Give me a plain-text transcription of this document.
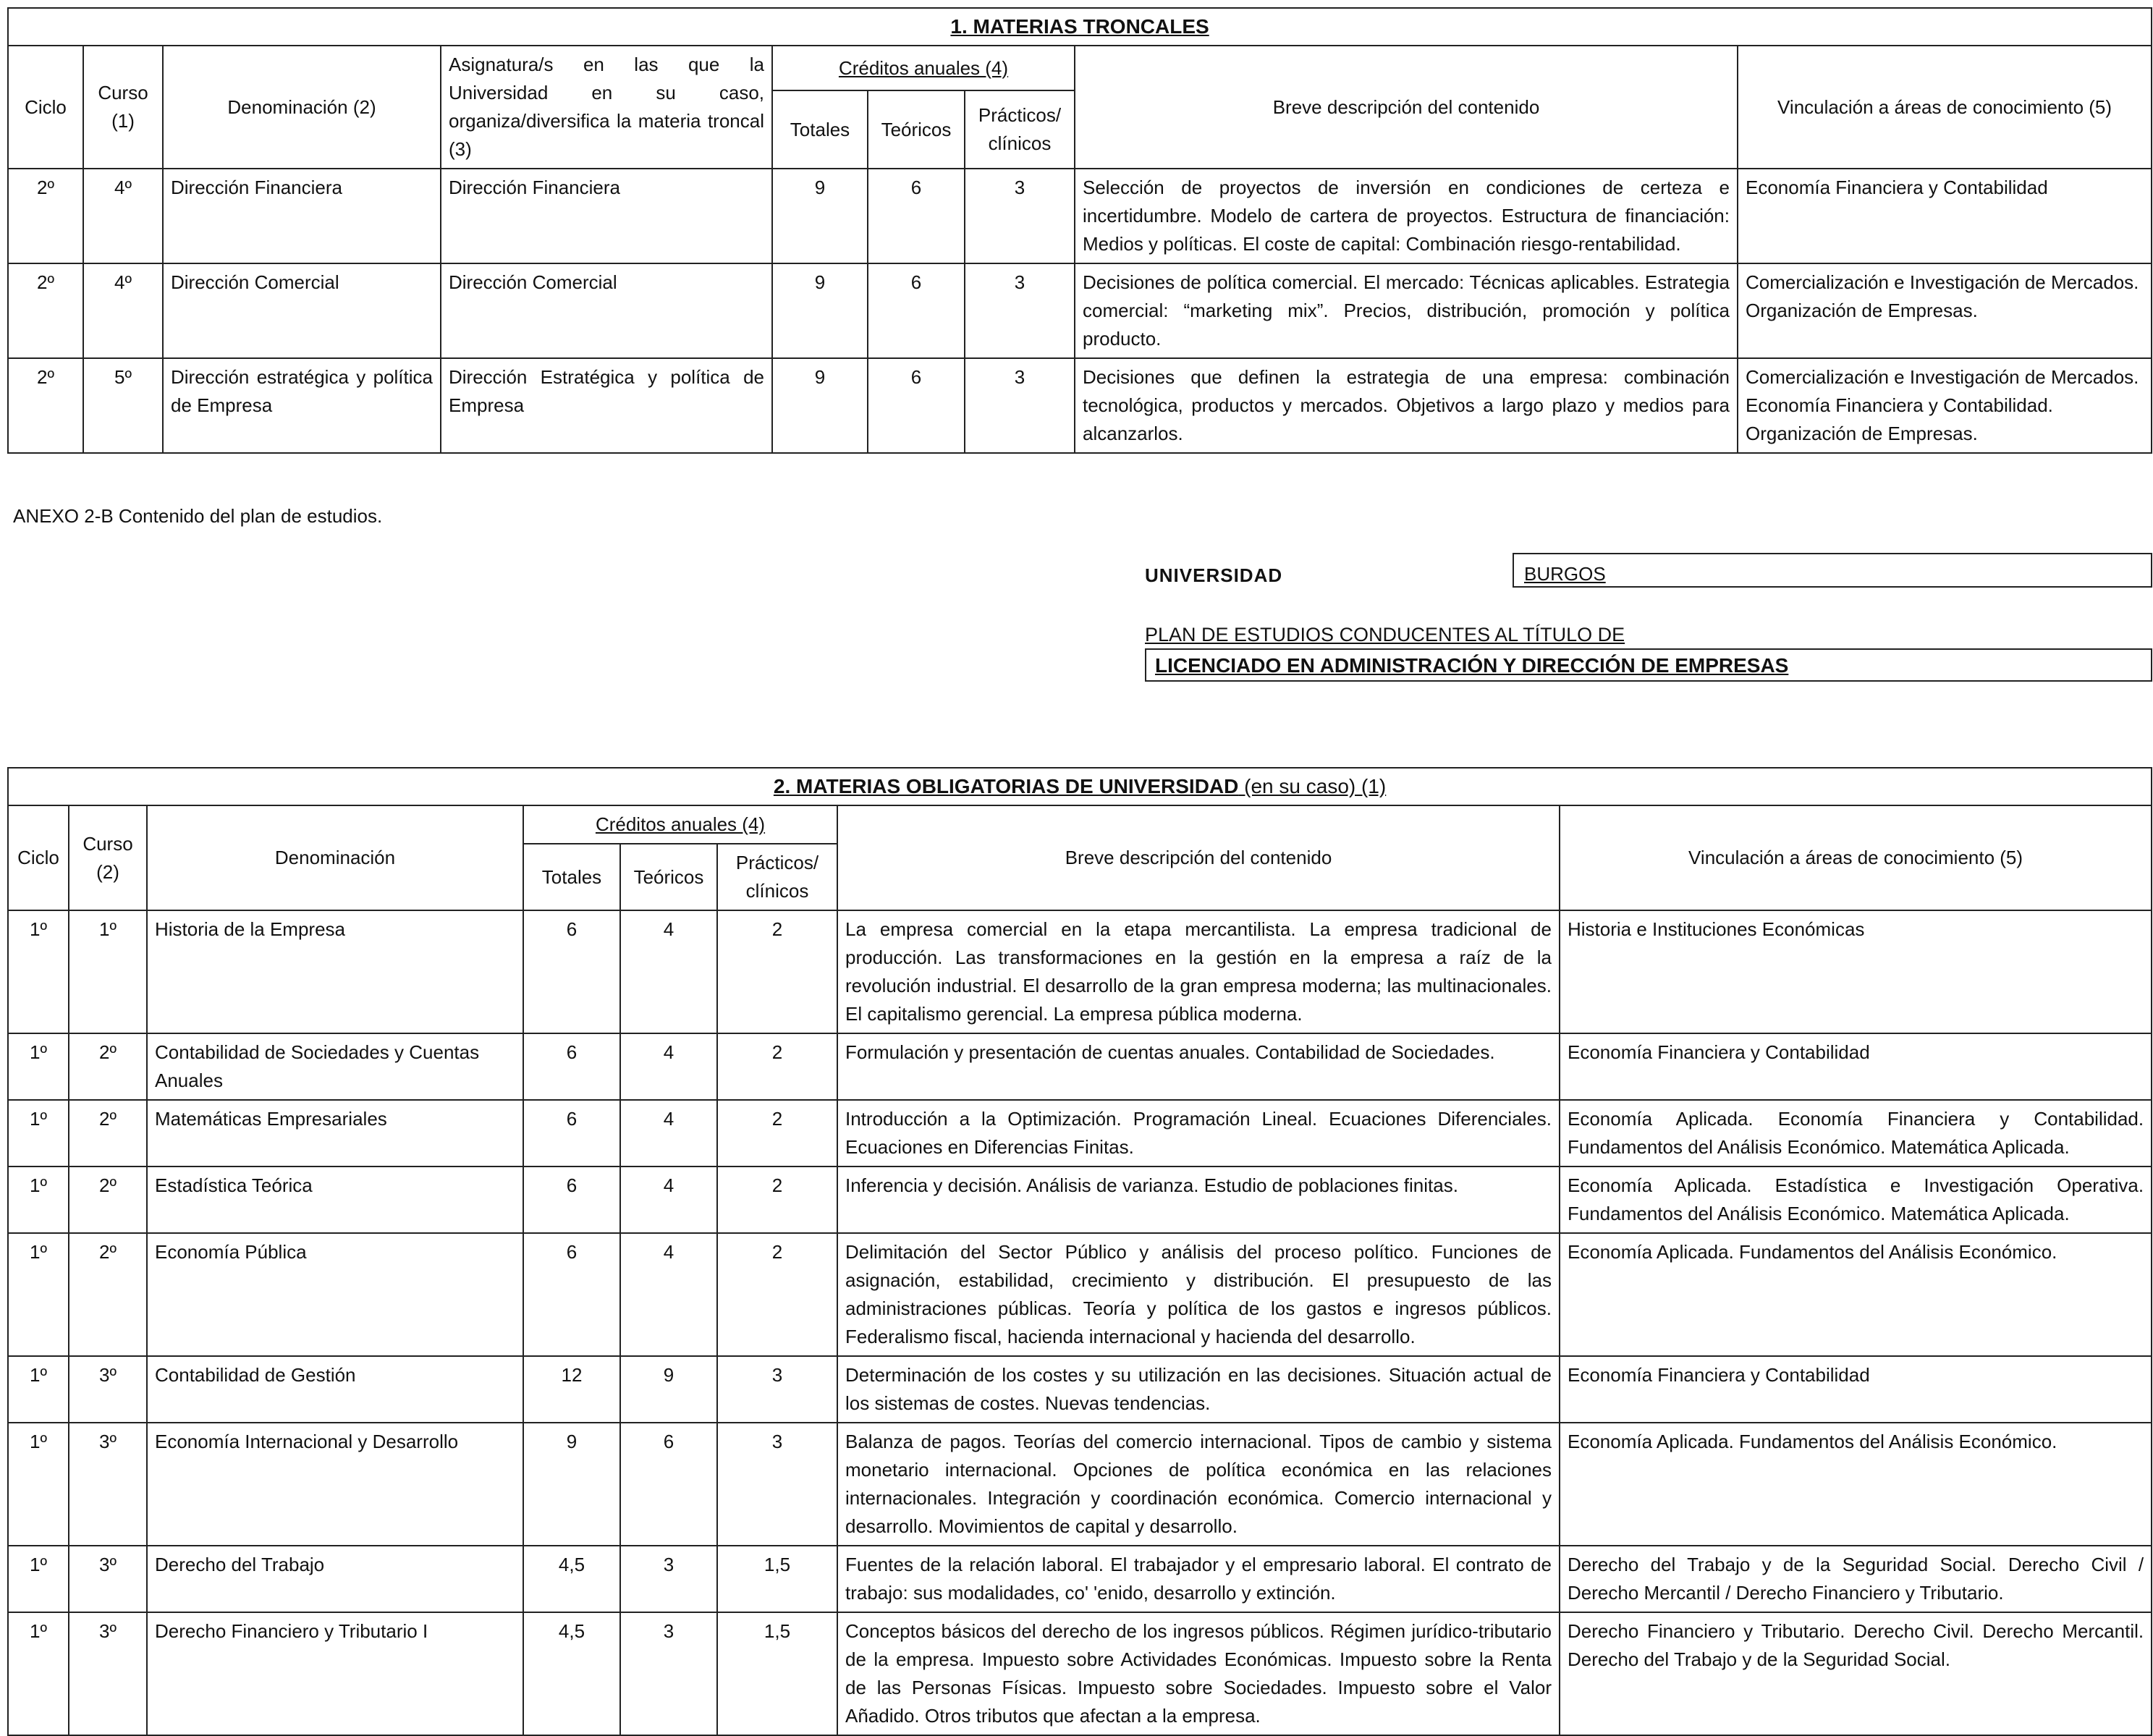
1. MATERIAS TRONCALES								
Ciclo	Curso (1)	Denominación (2)	Asignatura/s en las que la Universidad en su caso, organiza/diversifica la materia troncal (3)	Créditos anuales (4)			Breve descripción del contenido	Vinculación a áreas de conocimiento (5)
				Totales	Teóricos	Prácticos/ clínicos		
2º	4º	Dirección Financiera	Dirección Financiera	9	6	3	Selección de proyectos de inversión en condiciones de certeza e incertidumbre. Modelo de cartera de proyectos. Estructura de financiación: Medios y políticas. El coste de capital: Combinación riesgo-rentabilidad.	Economía Financiera y Contabilidad
2º	4º	Dirección Comercial	Dirección Comercial	9	6	3	Decisiones de política comercial. El mercado: Técnicas aplicables. Estrategia comercial: “marketing mix”. Precios, distribución, promoción y política producto.	Comercialización e Investigación de Mercados. Organización de Empresas.
2º	5º	Dirección estratégica y política de Empresa	Dirección Estratégica y política de Empresa	9	6	3	Decisiones que definen la estrategia de una empresa: combinación tecnológica, productos y mercados. Objetivos a largo plazo y medios para alcanzarlos.	Comercialización e Investigación de Mercados. Economía Financiera y Contabilidad. Organización de Empresas.
ANEXO 2-B Contenido del plan de estudios.
UNIVERSIDAD	BURGOS
PLAN DE ESTUDIOS CONDUCENTES AL TÍTULO DE
LICENCIADO EN ADMINISTRACIÓN Y DIRECCIÓN DE EMPRESAS
2. MATERIAS OBLIGATORIAS DE UNIVERSIDAD (en su caso) (1)							
Ciclo	Curso (2)	Denominación	Créditos anuales (4)			Breve descripción del contenido	Vinculación a áreas de conocimiento (5)
			Totales	Teóricos	Prácticos/ clínicos		
1º	1º	Historia de la Empresa	6	4	2	La empresa comercial en la etapa mercantilista. La empresa tradicional de producción. Las transformaciones en la gestión en la empresa a raíz de la revolución industrial. El desarrollo de la gran empresa moderna; las multinacionales. El capitalismo gerencial. La empresa pública moderna.	Historia e Instituciones Económicas
1º	2º	Contabilidad de Sociedades y Cuentas Anuales	6	4	2	Formulación y presentación de cuentas anuales. Contabilidad de Sociedades.	Economía Financiera y Contabilidad
1º	2º	Matemáticas Empresariales	6	4	2	Introducción a la Optimización. Programación Lineal. Ecuaciones Diferenciales. Ecuaciones en Diferencias Finitas.	Economía Aplicada. Economía Financiera y Contabilidad. Fundamentos del Análisis Económico. Matemática Aplicada.
1º	2º	Estadística Teórica	6	4	2	Inferencia y decisión. Análisis de varianza. Estudio de poblaciones finitas.	Economía Aplicada. Estadística e Investigación Operativa. Fundamentos del Análisis Económico. Matemática Aplicada.
1º	2º	Economía Pública	6	4	2	Delimitación del Sector Público y análisis del proceso político. Funciones de asignación, estabilidad, crecimiento y distribución. El presupuesto de las administraciones públicas. Teoría y política de los gastos e ingresos públicos. Federalismo fiscal, hacienda internacional y hacienda del desarrollo.	Economía Aplicada. Fundamentos del Análisis Económico.
1º	3º	Contabilidad de Gestión	12	9	3	Determinación de los costes y su utilización en las decisiones. Situación actual de los sistemas de costes. Nuevas tendencias.	Economía Financiera y Contabilidad
1º	3º	Economía Internacional y Desarrollo	9	6	3	Balanza de pagos. Teorías del comercio internacional. Tipos de cambio y sistema monetario internacional. Opciones de política económica en las relaciones internacionales. Integración y coordinación económica. Comercio internacional y desarrollo. Movimientos de capital y desarrollo.	Economía Aplicada. Fundamentos del Análisis Económico.
1º	3º	Derecho del Trabajo	4,5	3	1,5	Fuentes de la relación laboral. El trabajador y el empresario laboral. El contrato de trabajo: sus modalidades, co' 'enido, desarrollo y extinción.	Derecho del Trabajo y de la Seguridad Social. Derecho Civil / Derecho Mercantil / Derecho Financiero y Tributario.
1º	3º	Derecho Financiero y Tributario I	4,5	3	1,5	Conceptos básicos del derecho de los ingresos públicos. Régimen jurídico-tributario de la empresa. Impuesto sobre Actividades Económicas. Impuesto sobre la Renta de las Personas Físicas. Impuesto sobre Sociedades. Impuesto sobre el Valor Añadido. Otros tributos que afectan a la empresa.	Derecho Financiero y Tributario. Derecho Civil. Derecho Mercantil. Derecho del Trabajo y de la Seguridad Social.
